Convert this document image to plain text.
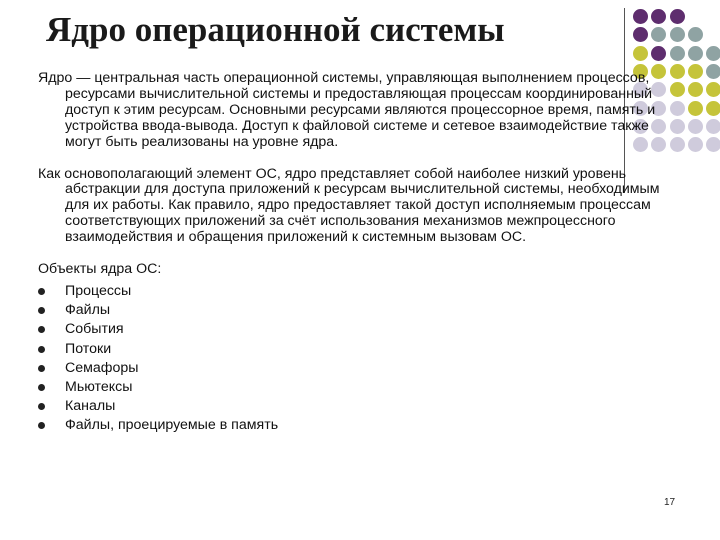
Ядро операционной системы

Ядро — центральная часть операционной системы, управляющая выполнением процессов, ресурсами вычислительной системы и предоставляющая процессам координированный доступ к этим ресурсам. Основными ресурсами являются процессорное время, память и устройства ввода-вывода. Доступ к файловой системе и сетевое взаимодействие также могут быть реализованы на уровне ядра.

Как основополагающий элемент ОС, ядро представляет собой наиболее низкий уровень абстракции для доступа приложений к ресурсам вычислительной системы, необходимым для их работы. Как правило, ядро предоставляет такой доступ исполняемым процессам соответствующих приложений за счёт использования механизмов межпроцессного взаимодействия и обращения приложений к системным вызовам ОС.

Объекты ядра ОС:

Процессы
Файлы
События
Потоки
Семафоры
Мьютексы
Каналы
Файлы, проецируемые в память
17
